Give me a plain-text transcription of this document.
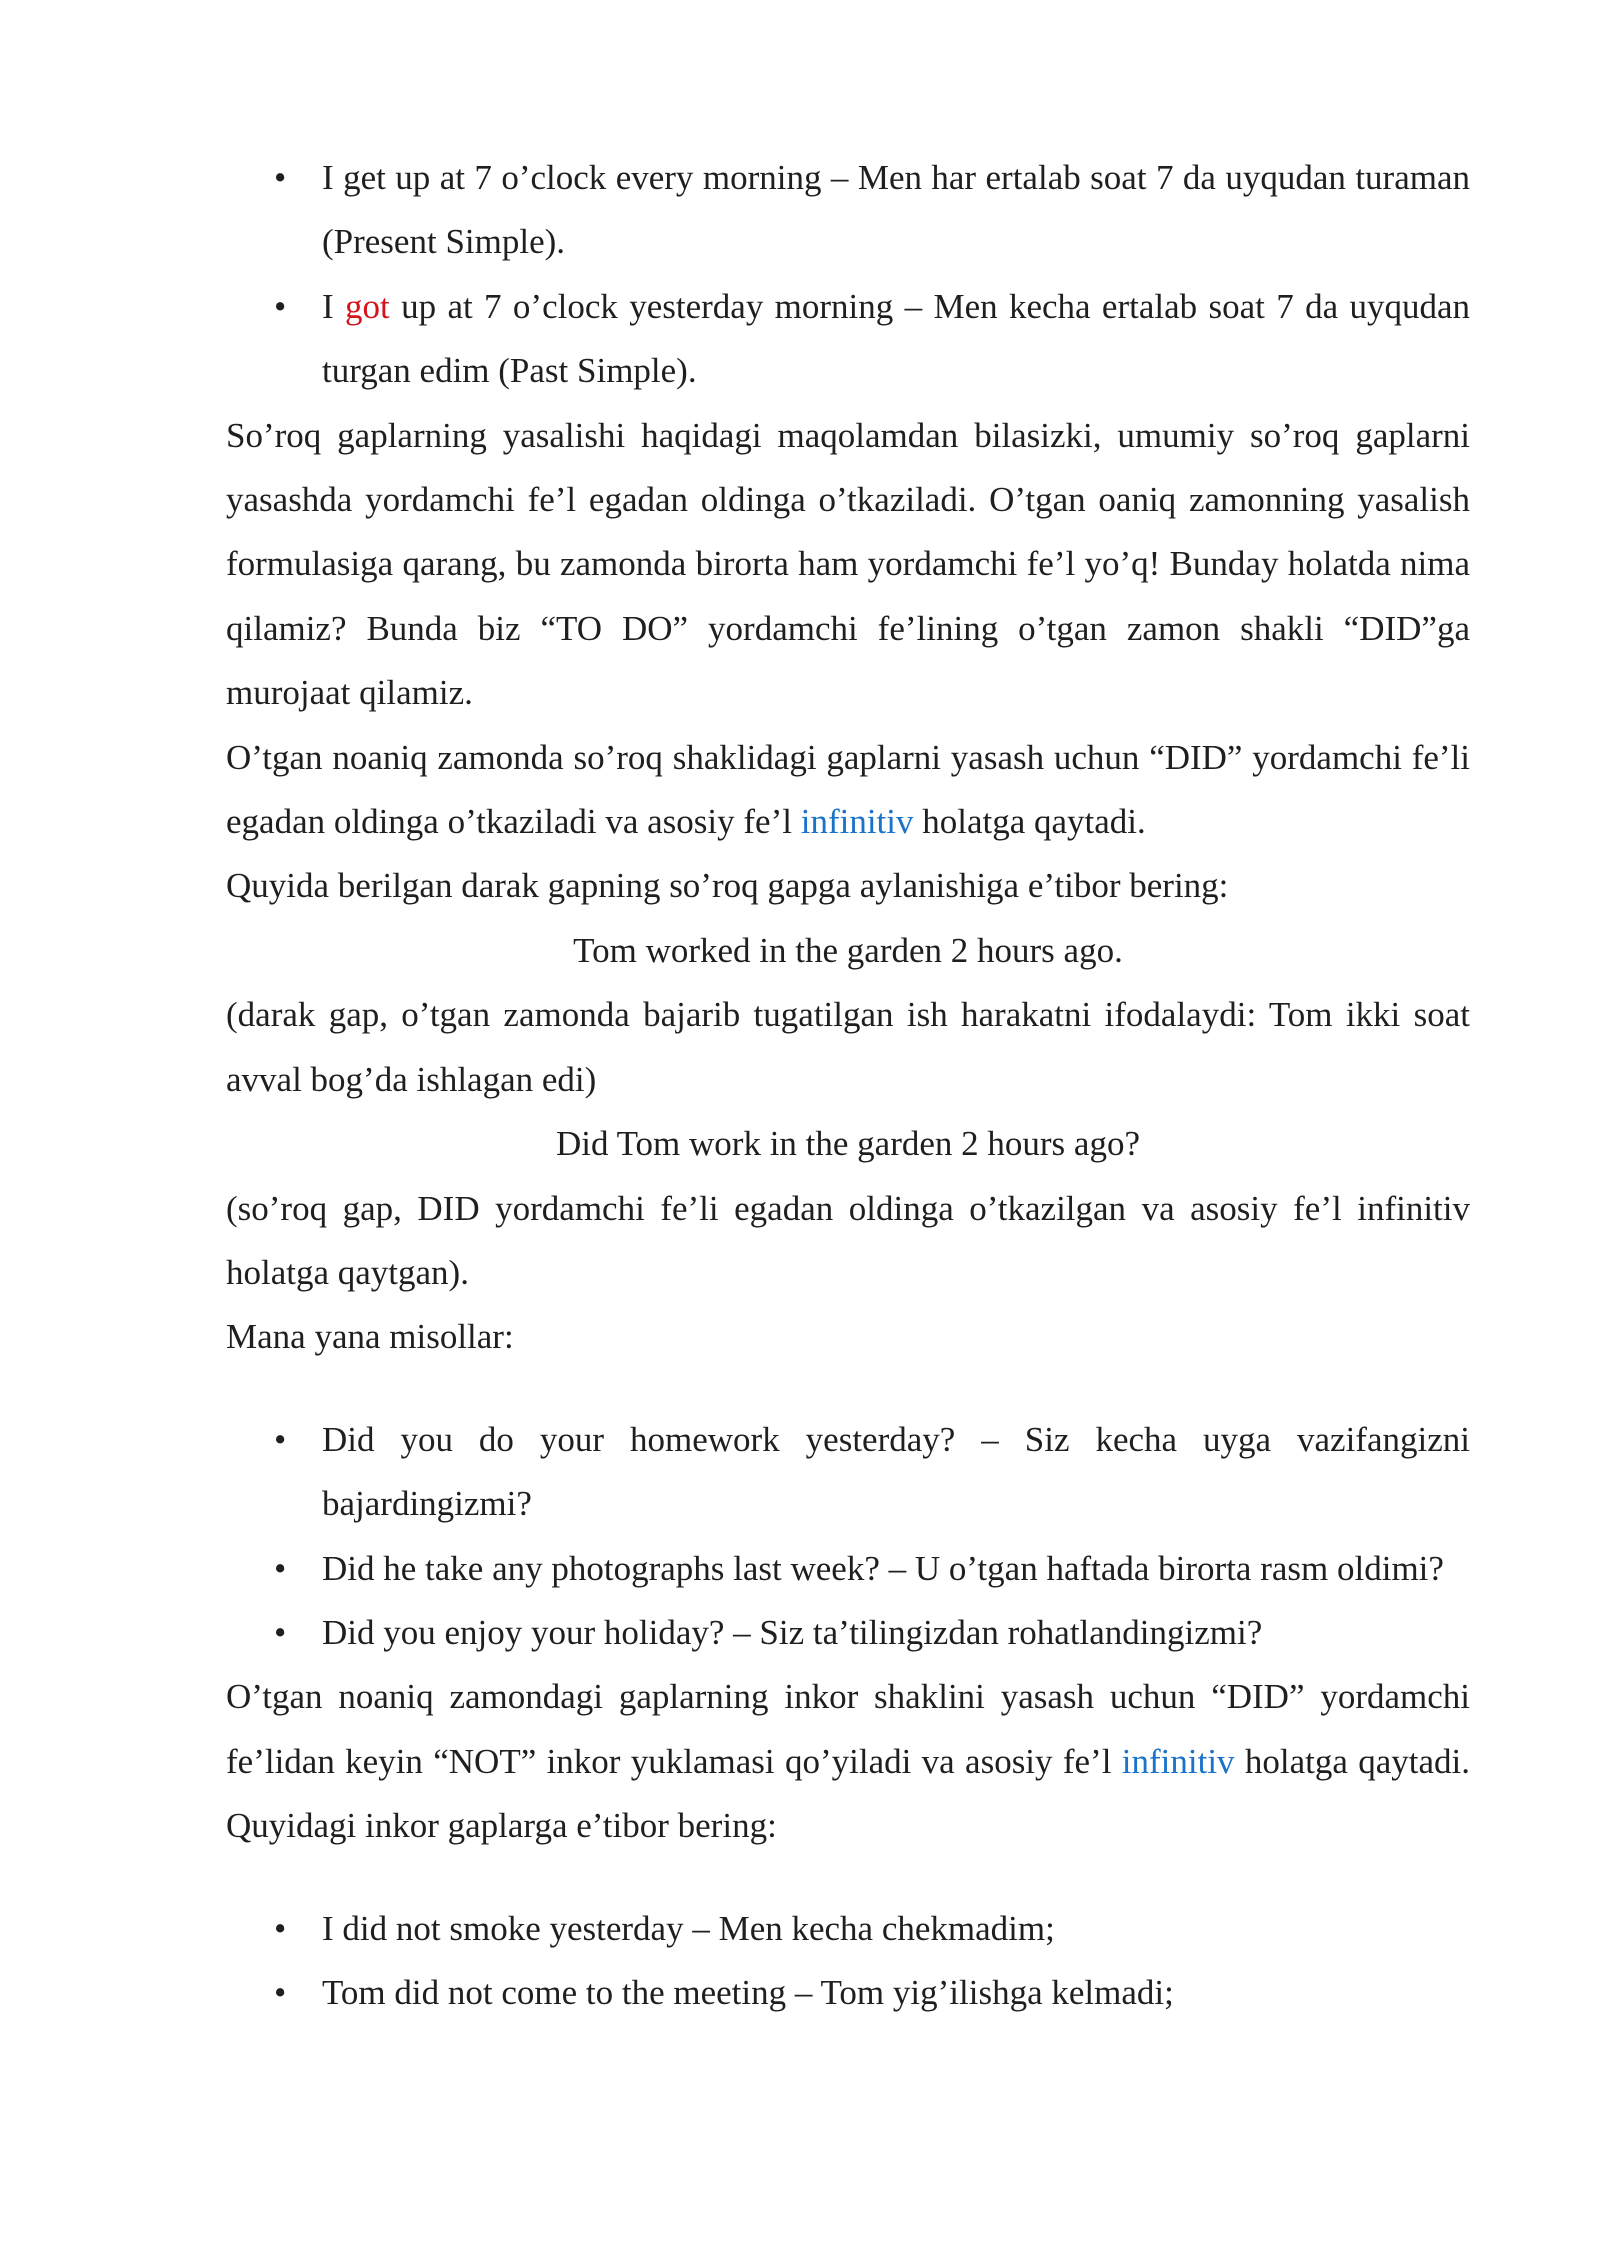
• I get up at 7 o’clock every morning – Men har ertalab soat 7 da uyqudan turaman (Present Simple).
• I got up at 7 o’clock yesterday morning – Men kecha ertalab soat 7 da uyqudan turgan edim (Past Simple).

So’roq gaplarning yasalishi haqidagi maqolamdan bilasizki, umumiy so’roq gaplarni yasashda yordamchi fe’l egadan oldinga o’tkaziladi. O’tgan oaniq zamonning yasalish formulasiga qarang, bu zamonda birorta ham yordamchi fe’l yo’q! Bunday holatda nima qilamiz? Bunda biz “TO DO” yordamchi fe’lining o’tgan zamon shakli “DID”ga murojaat qilamiz.

O’tgan noaniq zamonda so’roq shaklidagi gaplarni yasash uchun “DID” yordamchi fe’li egadan oldinga o’tkaziladi va asosiy fe’l infinitiv holatga qaytadi.

Quyida berilgan darak gapning so’roq gapga aylanishiga e’tibor bering:

Tom worked in the garden 2 hours ago.

(darak gap, o’tgan zamonda bajarib tugatilgan ish harakatni ifodalaydi: Tom ikki soat avval bog’da ishlagan edi)

Did Tom work in the garden 2 hours ago?

(so’roq gap, DID yordamchi fe’li egadan oldinga o’tkazilgan va asosiy fe’l infinitiv holatga qaytgan).

Mana yana misollar:

• Did you do your homework yesterday? – Siz kecha uyga vazifangizni bajardingizmi?
• Did he take any photographs last week? – U o’tgan haftada birorta rasm oldimi?
• Did you enjoy your holiday? – Siz ta’tilingizdan rohatlandingizmi?

O’tgan noaniq zamondagi gaplarning inkor shaklini yasash uchun “DID” yordamchi fe’lidan keyin “NOT” inkor yuklamasi qo’yiladi va asosiy fe’l infinitiv holatga qaytadi. Quyidagi inkor gaplarga e’tibor bering:

• I did not smoke yesterday – Men kecha chekmadim;
• Tom did not come to the meeting – Tom yig’ilishga kelmadi;
